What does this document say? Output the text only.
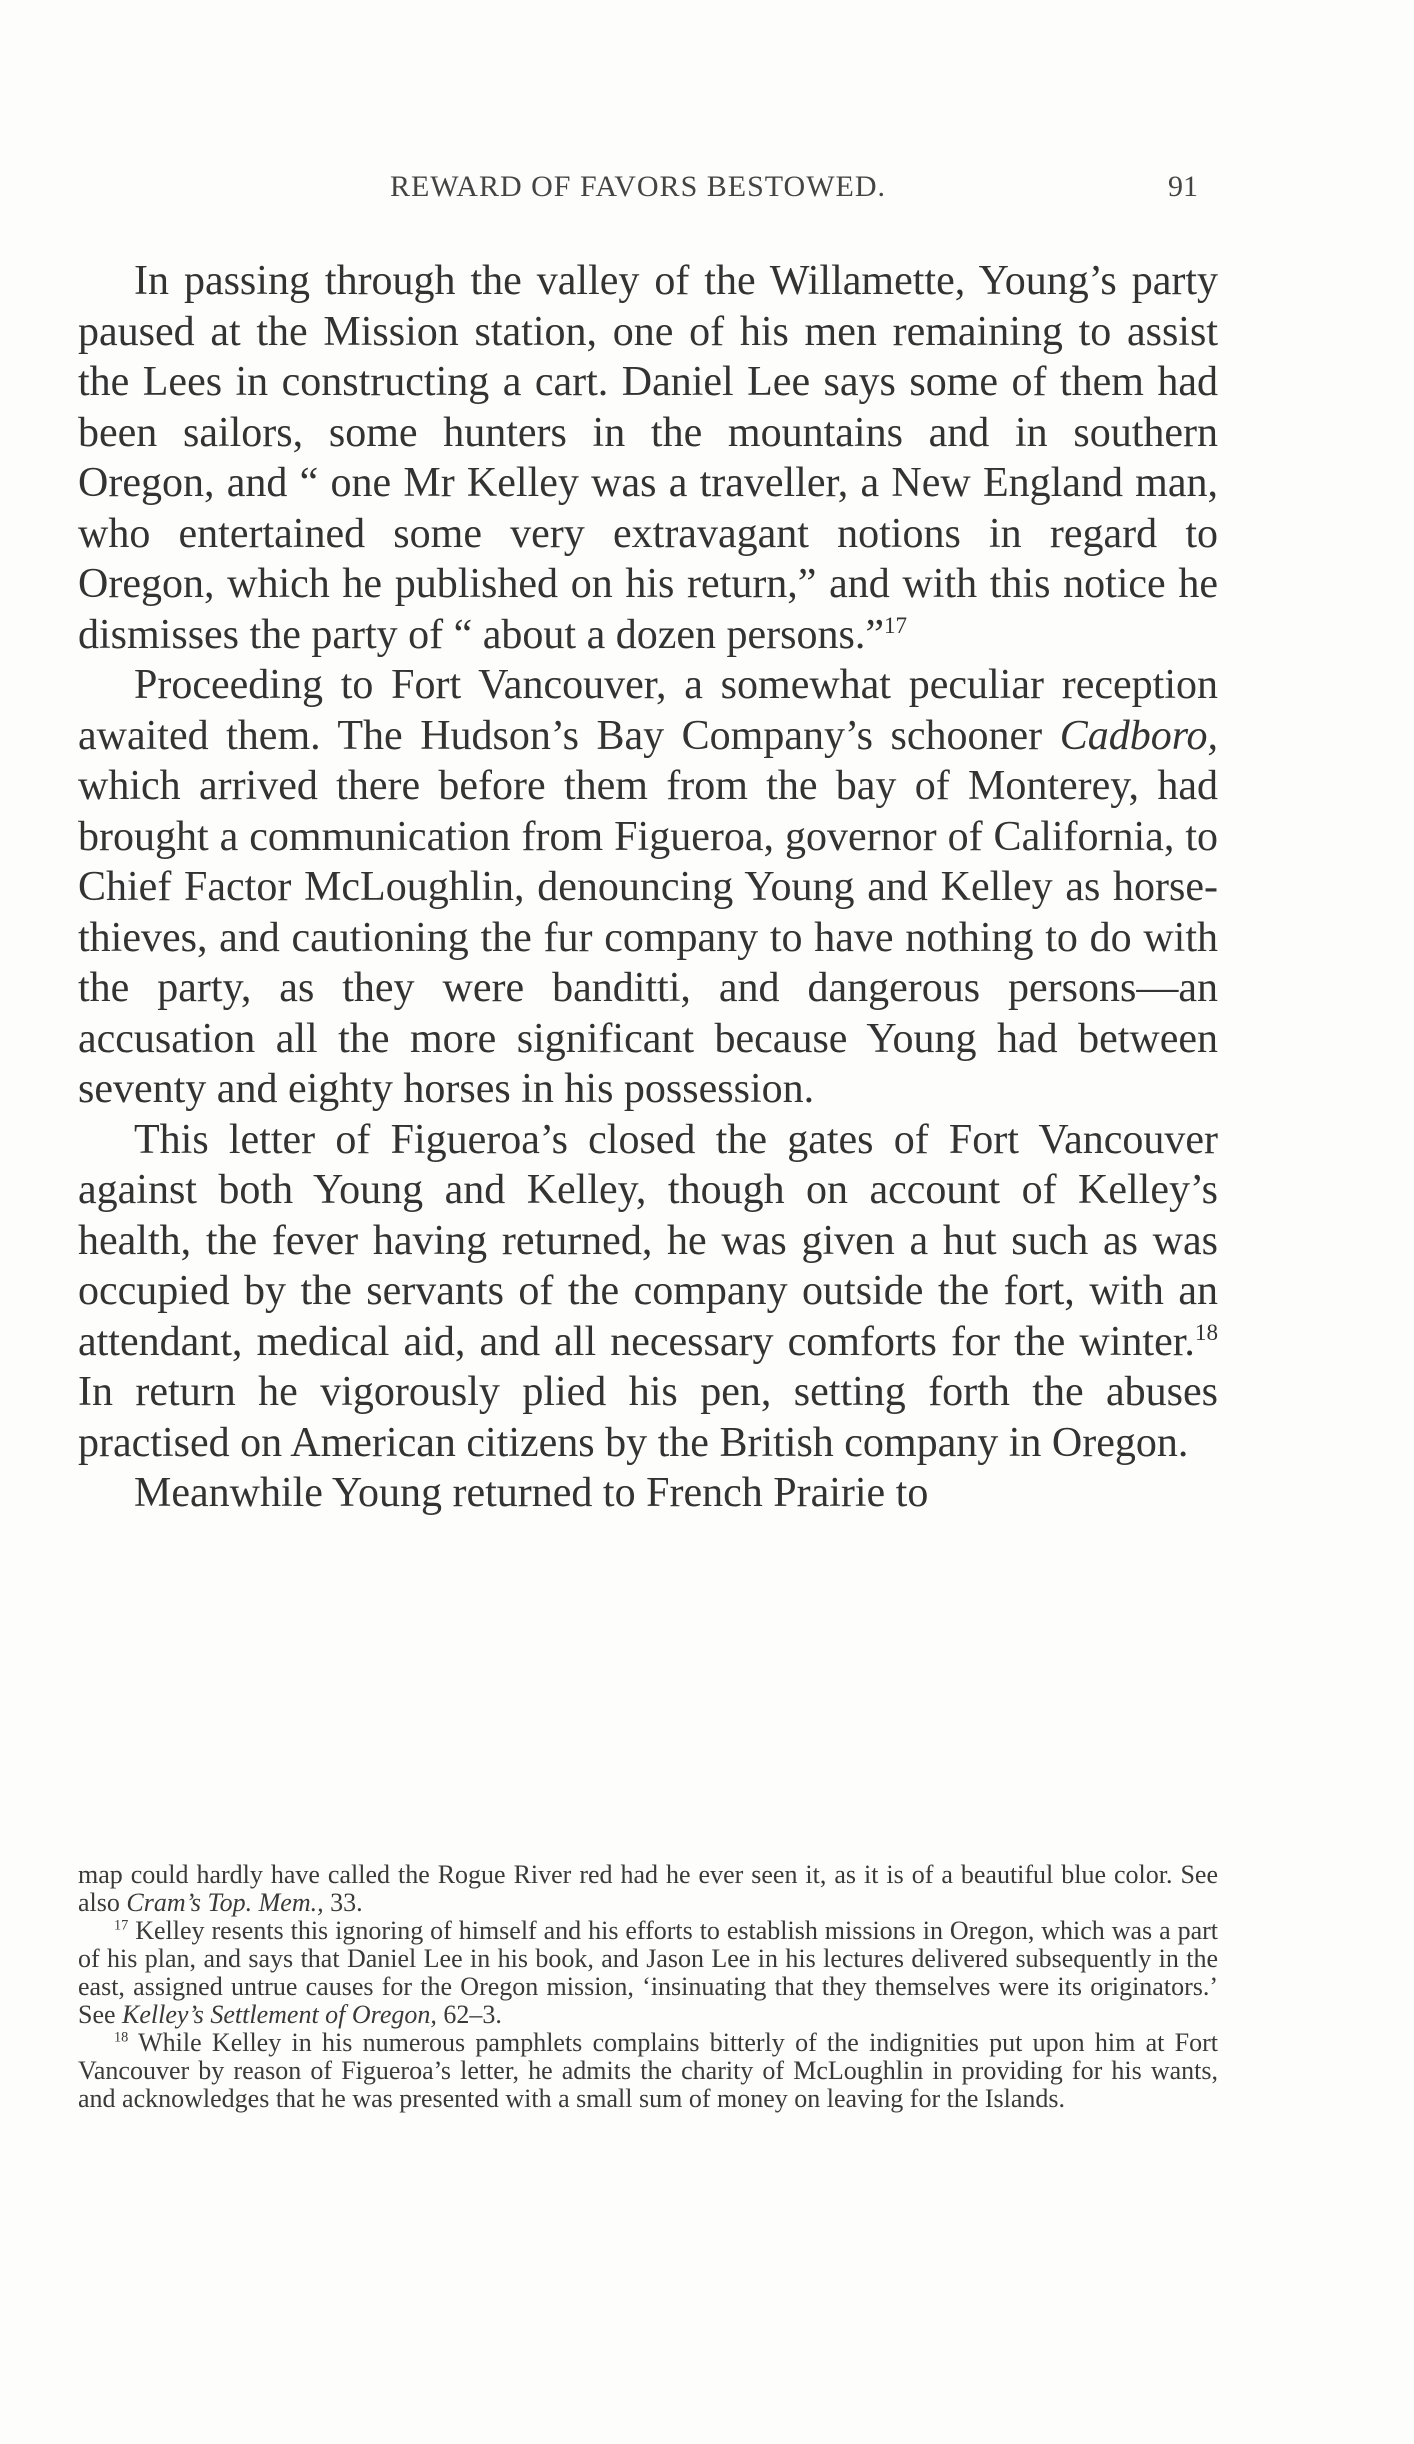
REWARD OF FAVORS BESTOWED.	91

In passing through the valley of the Willamette, Young’s party paused at the Mission station, one of his men remaining to assist the Lees in constructing a cart. Daniel Lee says some of them had been sailors, some hunters in the mountains and in southern Oregon, and “ one Mr Kelley was a traveller, a New England man, who entertained some very extravagant notions in regard to Oregon, which he published on his return,” and with this notice he dismisses the party of “ about a dozen persons.”$^{17}$

Proceeding to Fort Vancouver, a somewhat peculiar reception awaited them. The Hudson’s Bay Company’s schooner Cadboro, which arrived there before them from the bay of Monterey, had brought a communication from Figueroa, governor of California, to Chief Factor McLoughlin, denouncing Young and Kelley as horse-thieves, and cautioning the fur company to have nothing to do with the party, as they were banditti, and dangerous persons—an accusation all the more significant because Young had between seventy and eighty horses in his possession.

This letter of Figueroa’s closed the gates of Fort Vancouver against both Young and Kelley, though on account of Kelley’s health, the fever having returned, he was given a hut such as was occupied by the servants of the company outside the fort, with an attendant, medical aid, and all necessary comforts for the winter.$^{18}$ In return he vigorously plied his pen, setting forth the abuses practised on American citizens by the British company in Oregon.

Meanwhile Young returned to French Prairie to

map could hardly have called the Rogue River red had he ever seen it, as it is of a beautiful blue color. See also Cram’s Top. Mem., 33.

$^{17}$ Kelley resents this ignoring of himself and his efforts to establish missions in Oregon, which was a part of his plan, and says that Daniel Lee in his book, and Jason Lee in his lectures delivered subsequently in the east, assigned untrue causes for the Oregon mission, ‘insinuating that they themselves were its originators.’ See Kelley’s Settlement of Oregon, 62–3.

$^{18}$ While Kelley in his numerous pamphlets complains bitterly of the indignities put upon him at Fort Vancouver by reason of Figueroa’s letter, he admits the charity of McLoughlin in providing for his wants, and acknowledges that he was presented with a small sum of money on leaving for the Islands.
